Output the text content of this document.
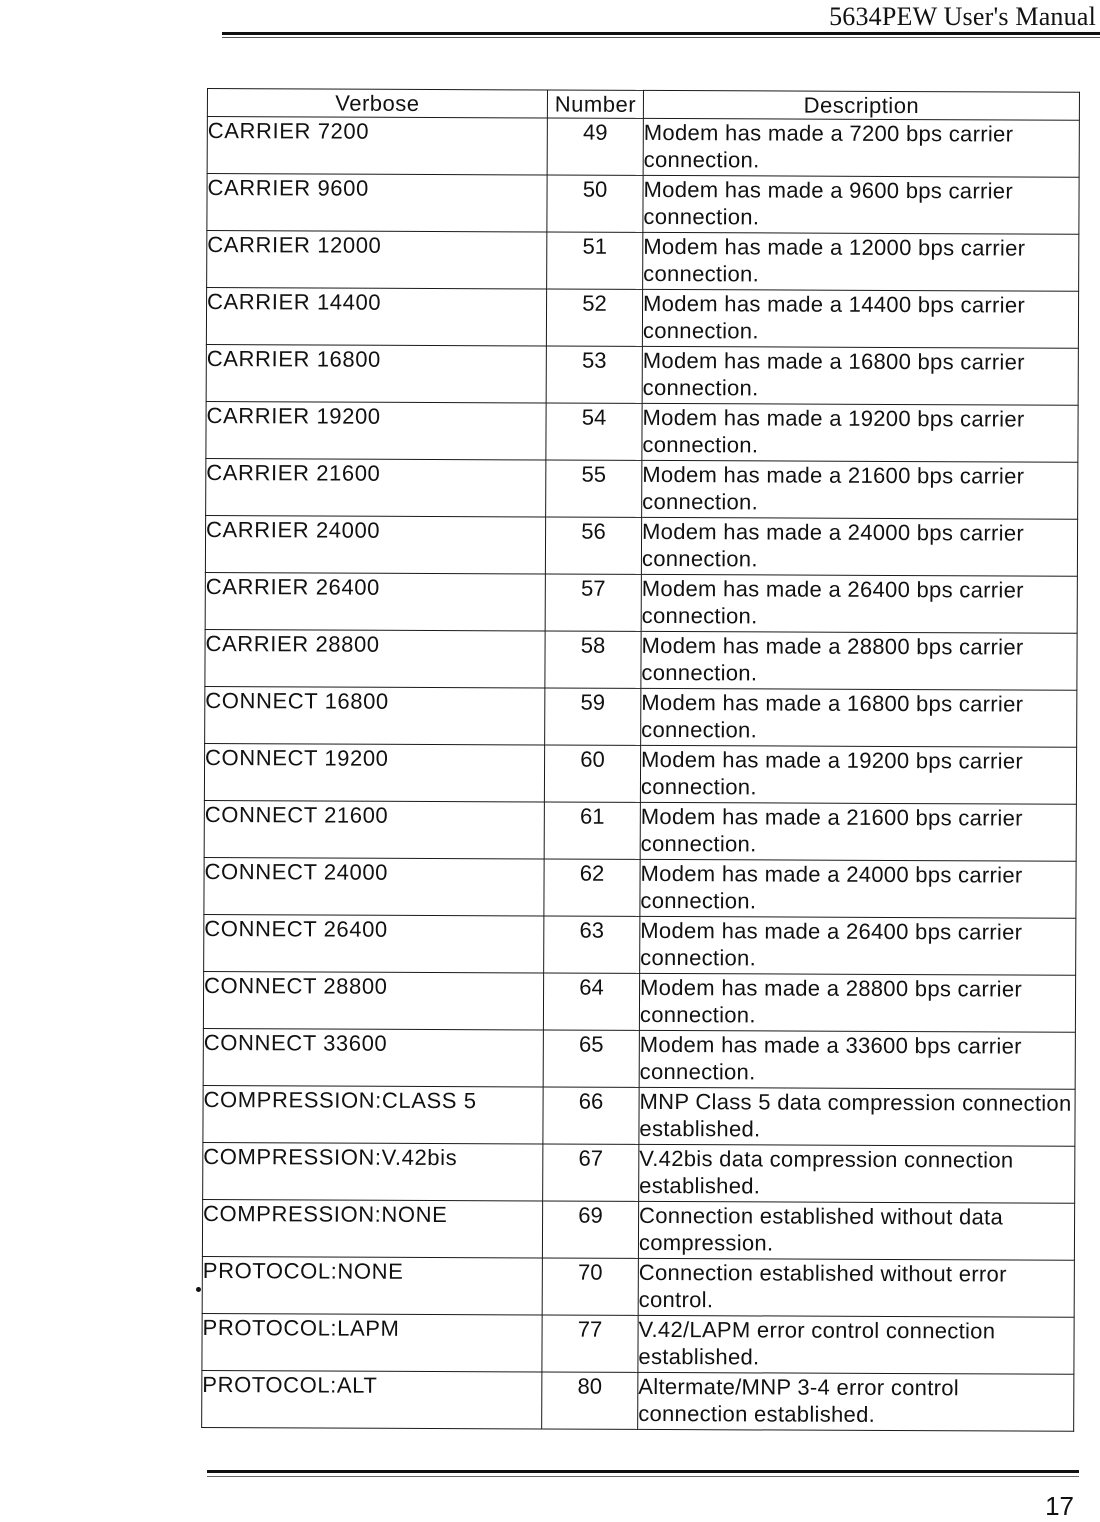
5634PEW User's Manual
Verbose	Number	Description
CARRIER 7200	49	Modem has made a 7200 bps carrier connection.
CARRIER 9600	50	Modem has made a 9600 bps carrier connection.
CARRIER 12000	51	Modem has made a 12000 bps carrier connection.
CARRIER 14400	52	Modem has made a 14400 bps carrier connection.
CARRIER 16800	53	Modem has made a 16800 bps carrier connection.
CARRIER 19200	54	Modem has made a 19200 bps carrier connection.
CARRIER 21600	55	Modem has made a 21600 bps carrier connection.
CARRIER 24000	56	Modem has made a 24000 bps carrier connection.
CARRIER 26400	57	Modem has made a 26400 bps carrier connection.
CARRIER 28800	58	Modem has made a 28800 bps carrier connection.
CONNECT 16800	59	Modem has made a 16800 bps carrier connection.
CONNECT 19200	60	Modem has made a 19200 bps carrier connection.
CONNECT 21600	61	Modem has made a 21600 bps carrier connection.
CONNECT 24000	62	Modem has made a 24000 bps carrier connection.
CONNECT 26400	63	Modem has made a 26400 bps carrier connection.
CONNECT 28800	64	Modem has made a 28800 bps carrier connection.
CONNECT 33600	65	Modem has made a 33600 bps carrier connection.
COMPRESSION:CLASS 5	66	MNP Class 5 data compression connection established.
COMPRESSION:V.42bis	67	V.42bis data compression connection established.
COMPRESSION:NONE	69	Connection established without data compression.
PROTOCOL:NONE	70	Connection established without error control.
PROTOCOL:LAPM	77	V.42/LAPM error control connection established.
PROTOCOL:ALT	80	Altermate/MNP 3-4 error control connection established.
17
